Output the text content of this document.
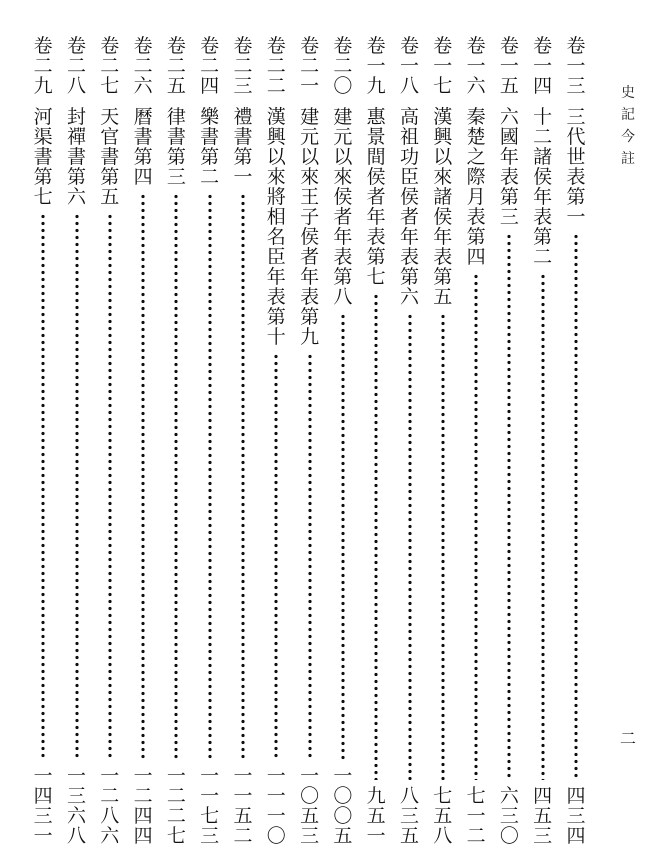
史
記
今
註
二
卷
一
三
三
代
世
表
第
一
四
三
四
卷
一
四
十
二
諸
侯
年
表
第
二
四
五
三
卷
一
五
六
國
年
表
第
三
六
三
〇
卷
一
六
秦
楚
之
際
月
表
第
四
七
一
二
卷
一
七
漢
興
以
來
諸
侯
年
表
第
五
七
五
八
卷
一
八
高
祖
功
臣
侯
者
年
表
第
六
八
三
五
卷
一
九
惠
景
間
侯
者
年
表
第
七
九
五
一
卷
二
〇
建
元
以
來
侯
者
年
表
第
八
一
〇
〇
五
卷
二
一
建
元
以
來
王
子
侯
者
年
表
第
九
一
〇
五
三
卷
二
二
漢
興
以
來
將
相
名
臣
年
表
第
十
一
一
一
〇
卷
二
三
禮
書
第
一
一
一
五
二
卷
二
四
樂
書
第
二
一
一
七
三
卷
二
五
律
書
第
三
一
二
二
七
卷
二
六
曆
書
第
四
一
二
四
四
卷
二
七
天
官
書
第
五
一
二
八
六
卷
二
八
封
禪
書
第
六
一
三
六
八
卷
二
九
河
渠
書
第
七
一
四
三
一
